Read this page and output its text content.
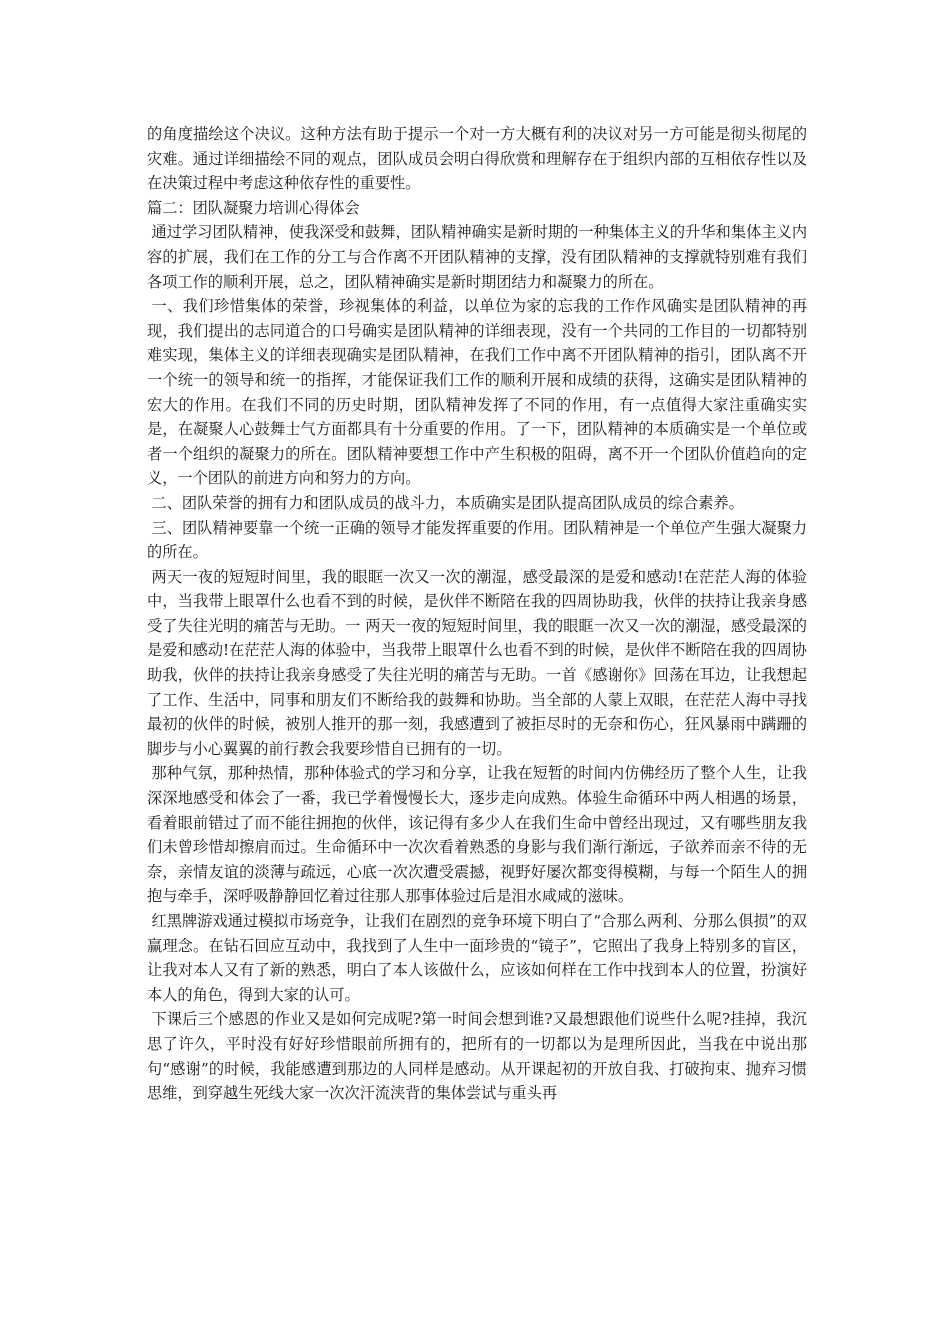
的角度描绘这个决议。这种方法有助于提示一个对一方大概有利的决议对另一方可能是彻头彻尾的灾难。通过详细描绘不同的观点，团队成员会明白得欣赏和理解存在于组织内部的互相依存性以及在决策过程中考虑这种依存性的重要性。

篇二：团队凝聚力培训心得体会

通过学习团队精神，使我深受和鼓舞，团队精神确实是新时期的一种集体主义的升华和集体主义内容的扩展，我们在工作的分工与合作离不开团队精神的支撑，没有团队精神的支撑就特别难有我们各项工作的顺利开展，总之，团队精神确实是新时期团结力和凝聚力的所在。

一、我们珍惜集体的荣誉，珍视集体的利益，以单位为家的忘我的工作作风确实是团队精神的再现，我们提出的志同道合的口号确实是团队精神的详细表现，没有一个共同的工作目的一切都特别难实现，集体主义的详细表现确实是团队精神，在我们工作中离不开团队精神的指引，团队离不开一个统一的领导和统一的指挥，才能保证我们工作的顺利开展和成绩的获得，这确实是团队精神的宏大的作用。在我们不同的历史时期，团队精神发挥了不同的作用，有一点值得大家注重确实实是，在凝聚人心鼓舞士气方面都具有十分重要的作用。了一下，团队精神的本质确实是一个单位或者一个组织的凝聚力的所在。团队精神要想工作中产生积极的阻碍，离不开一个团队价值趋向的定义，一个团队的前进方向和努力的方向。

二、团队荣誉的拥有力和团队成员的战斗力，本质确实是团队提高团队成员的综合素养。

三、团队精神要靠一个统一正确的领导才能发挥重要的作用。团队精神是一个单位产生强大凝聚力的所在。

两天一夜的短短时间里，我的眼眶一次又一次的潮湿，感受最深的是爱和感动!在茫茫人海的体验中，当我带上眼罩什么也看不到的时候，是伙伴不断陪在我的四周协助我，伙伴的扶持让我亲身感受了失往光明的痛苦与无助。一 两天一夜的短短时间里，我的眼眶一次又一次的潮湿，感受最深的是爱和感动!在茫茫人海的体验中，当我带上眼罩什么也看不到的时候，是伙伴不断陪在我的四周协助我，伙伴的扶持让我亲身感受了失往光明的痛苦与无助。一首《感谢你》回荡在耳边，让我想起了工作、生活中，同事和朋友们不断给我的鼓舞和协助。当全部的人蒙上双眼，在茫茫人海中寻找最初的伙伴的时候，被别人推开的那一刻，我感遭到了被拒尽时的无奈和伤心，狂风暴雨中蹒跚的脚步与小心翼翼的前行教会我要珍惜自已拥有的一切。

那种气氛，那种热情，那种体验式的学习和分享，让我在短暂的时间内仿佛经历了整个人生，让我深深地感受和体会了一番，我已学着慢慢长大，逐步走向成熟。体验生命循环中两人相遇的场景，看着眼前错过了而不能往拥抱的伙伴，该记得有多少人在我们生命中曾经出现过，又有哪些朋友我们未曾珍惜却擦肩而过。生命循环中一次次看着熟悉的身影与我们渐行渐远，子欲养而亲不待的无奈，亲情友谊的淡薄与疏远，心底一次次遭受震撼，视野好屡次都变得模糊，与每一个陌生人的拥抱与牵手，深呼吸静静回忆着过往那人那事体验过后是泪水咸咸的滋味。

红黑牌游戏通过模拟市场竞争，让我们在剧烈的竞争环境下明白了“合那么两利、分那么俱损”的双赢理念。在钻石回应互动中，我找到了人生中一面珍贵的“镜子”，它照出了我身上特别多的盲区，让我对本人又有了新的熟悉，明白了本人该做什么，应该如何样在工作中找到本人的位置，扮演好本人的角色，得到大家的认可。

下课后三个感恩的作业又是如何完成呢?第一时间会想到谁?又最想跟他们说些什么呢?挂掉，我沉思了许久，平时没有好好珍惜眼前所拥有的，把所有的一切都以为是理所因此，当我在中说出那句“感谢”的时候，我能感遭到那边的人同样是感动。从开课起初的开放自我、打破拘束、抛弃习惯思维，到穿越生死线大家一次次汗流浃背的集体尝试与重头再
